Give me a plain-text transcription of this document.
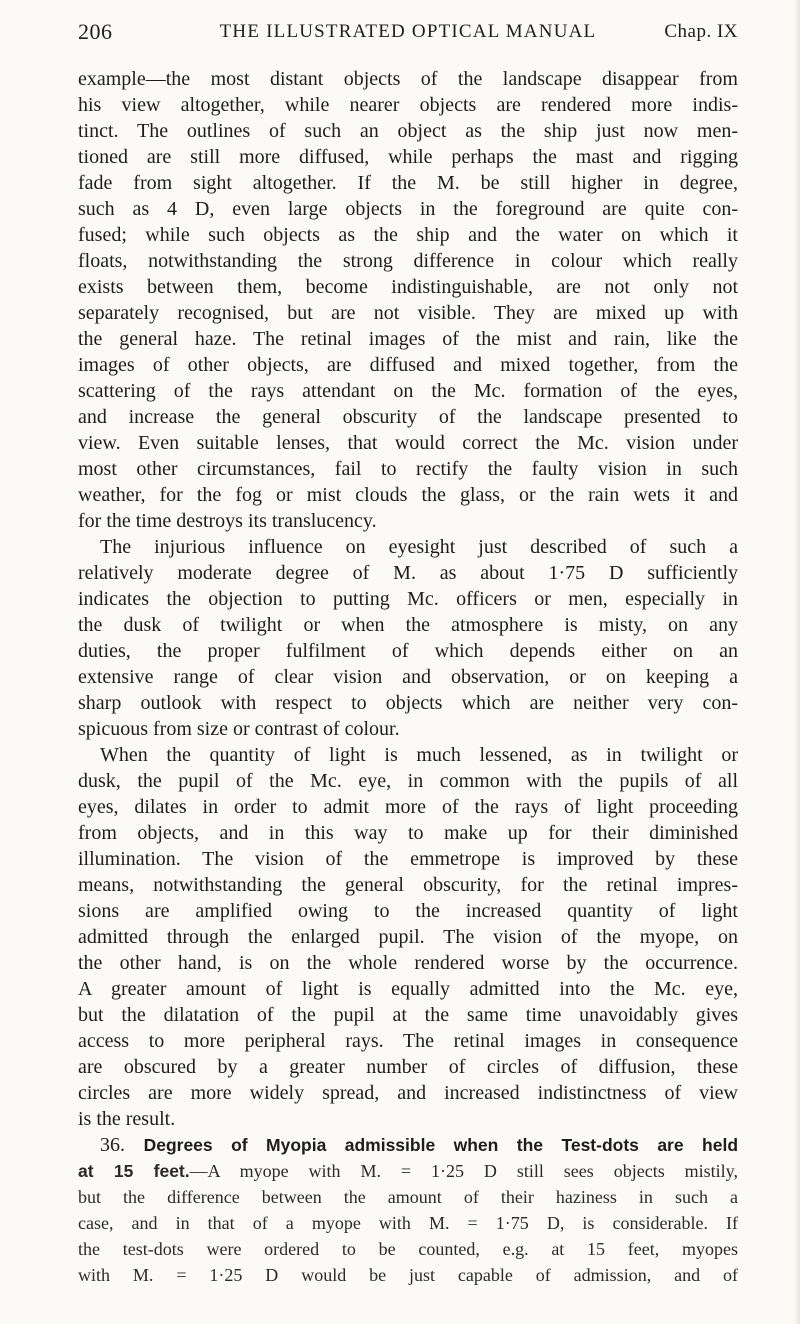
206	THE ILLUSTRATED OPTICAL MANUAL	Chap. IX
example—the most distant objects of the landscape disappear from
his view altogether, while nearer objects are rendered more indis-
tinct. The outlines of such an object as the ship just now men-
tioned are still more diffused, while perhaps the mast and rigging
fade from sight altogether. If the M. be still higher in degree,
such as 4 D, even large objects in the foreground are quite con-
fused; while such objects as the ship and the water on which it
floats, notwithstanding the strong difference in colour which really
exists between them, become indistinguishable, are not only not
separately recognised, but are not visible. They are mixed up with
the general haze. The retinal images of the mist and rain, like the
images of other objects, are diffused and mixed together, from the
scattering of the rays attendant on the Mc. formation of the eyes,
and increase the general obscurity of the landscape presented to
view. Even suitable lenses, that would correct the Mc. vision under
most other circumstances, fail to rectify the faulty vision in such
weather, for the fog or mist clouds the glass, or the rain wets it and
for the time destroys its translucency.
The injurious influence on eyesight just described of such a
relatively moderate degree of M. as about 1·75 D sufficiently
indicates the objection to putting Mc. officers or men, especially in
the dusk of twilight or when the atmosphere is misty, on any
duties, the proper fulfilment of which depends either on an
extensive range of clear vision and observation, or on keeping a
sharp outlook with respect to objects which are neither very con-
spicuous from size or contrast of colour.
When the quantity of light is much lessened, as in twilight or
dusk, the pupil of the Mc. eye, in common with the pupils of all
eyes, dilates in order to admit more of the rays of light proceeding
from objects, and in this way to make up for their diminished
illumination. The vision of the emmetrope is improved by these
means, notwithstanding the general obscurity, for the retinal impres-
sions are amplified owing to the increased quantity of light
admitted through the enlarged pupil. The vision of the myope, on
the other hand, is on the whole rendered worse by the occurrence.
A greater amount of light is equally admitted into the Mc. eye,
but the dilatation of the pupil at the same time unavoidably gives
access to more peripheral rays. The retinal images in consequence
are obscured by a greater number of circles of diffusion, these
circles are more widely spread, and increased indistinctness of view
is the result.
36. Degrees of Myopia admissible when the Test-dots are held
at 15 feet.—A myope with M. = 1·25 D still sees objects mistily,
but the difference between the amount of their haziness in such a
case, and in that of a myope with M. = 1·75 D, is considerable. If
the test-dots were ordered to be counted, e.g. at 15 feet, myopes
with M. = 1·25 D would be just capable of admission, and of
